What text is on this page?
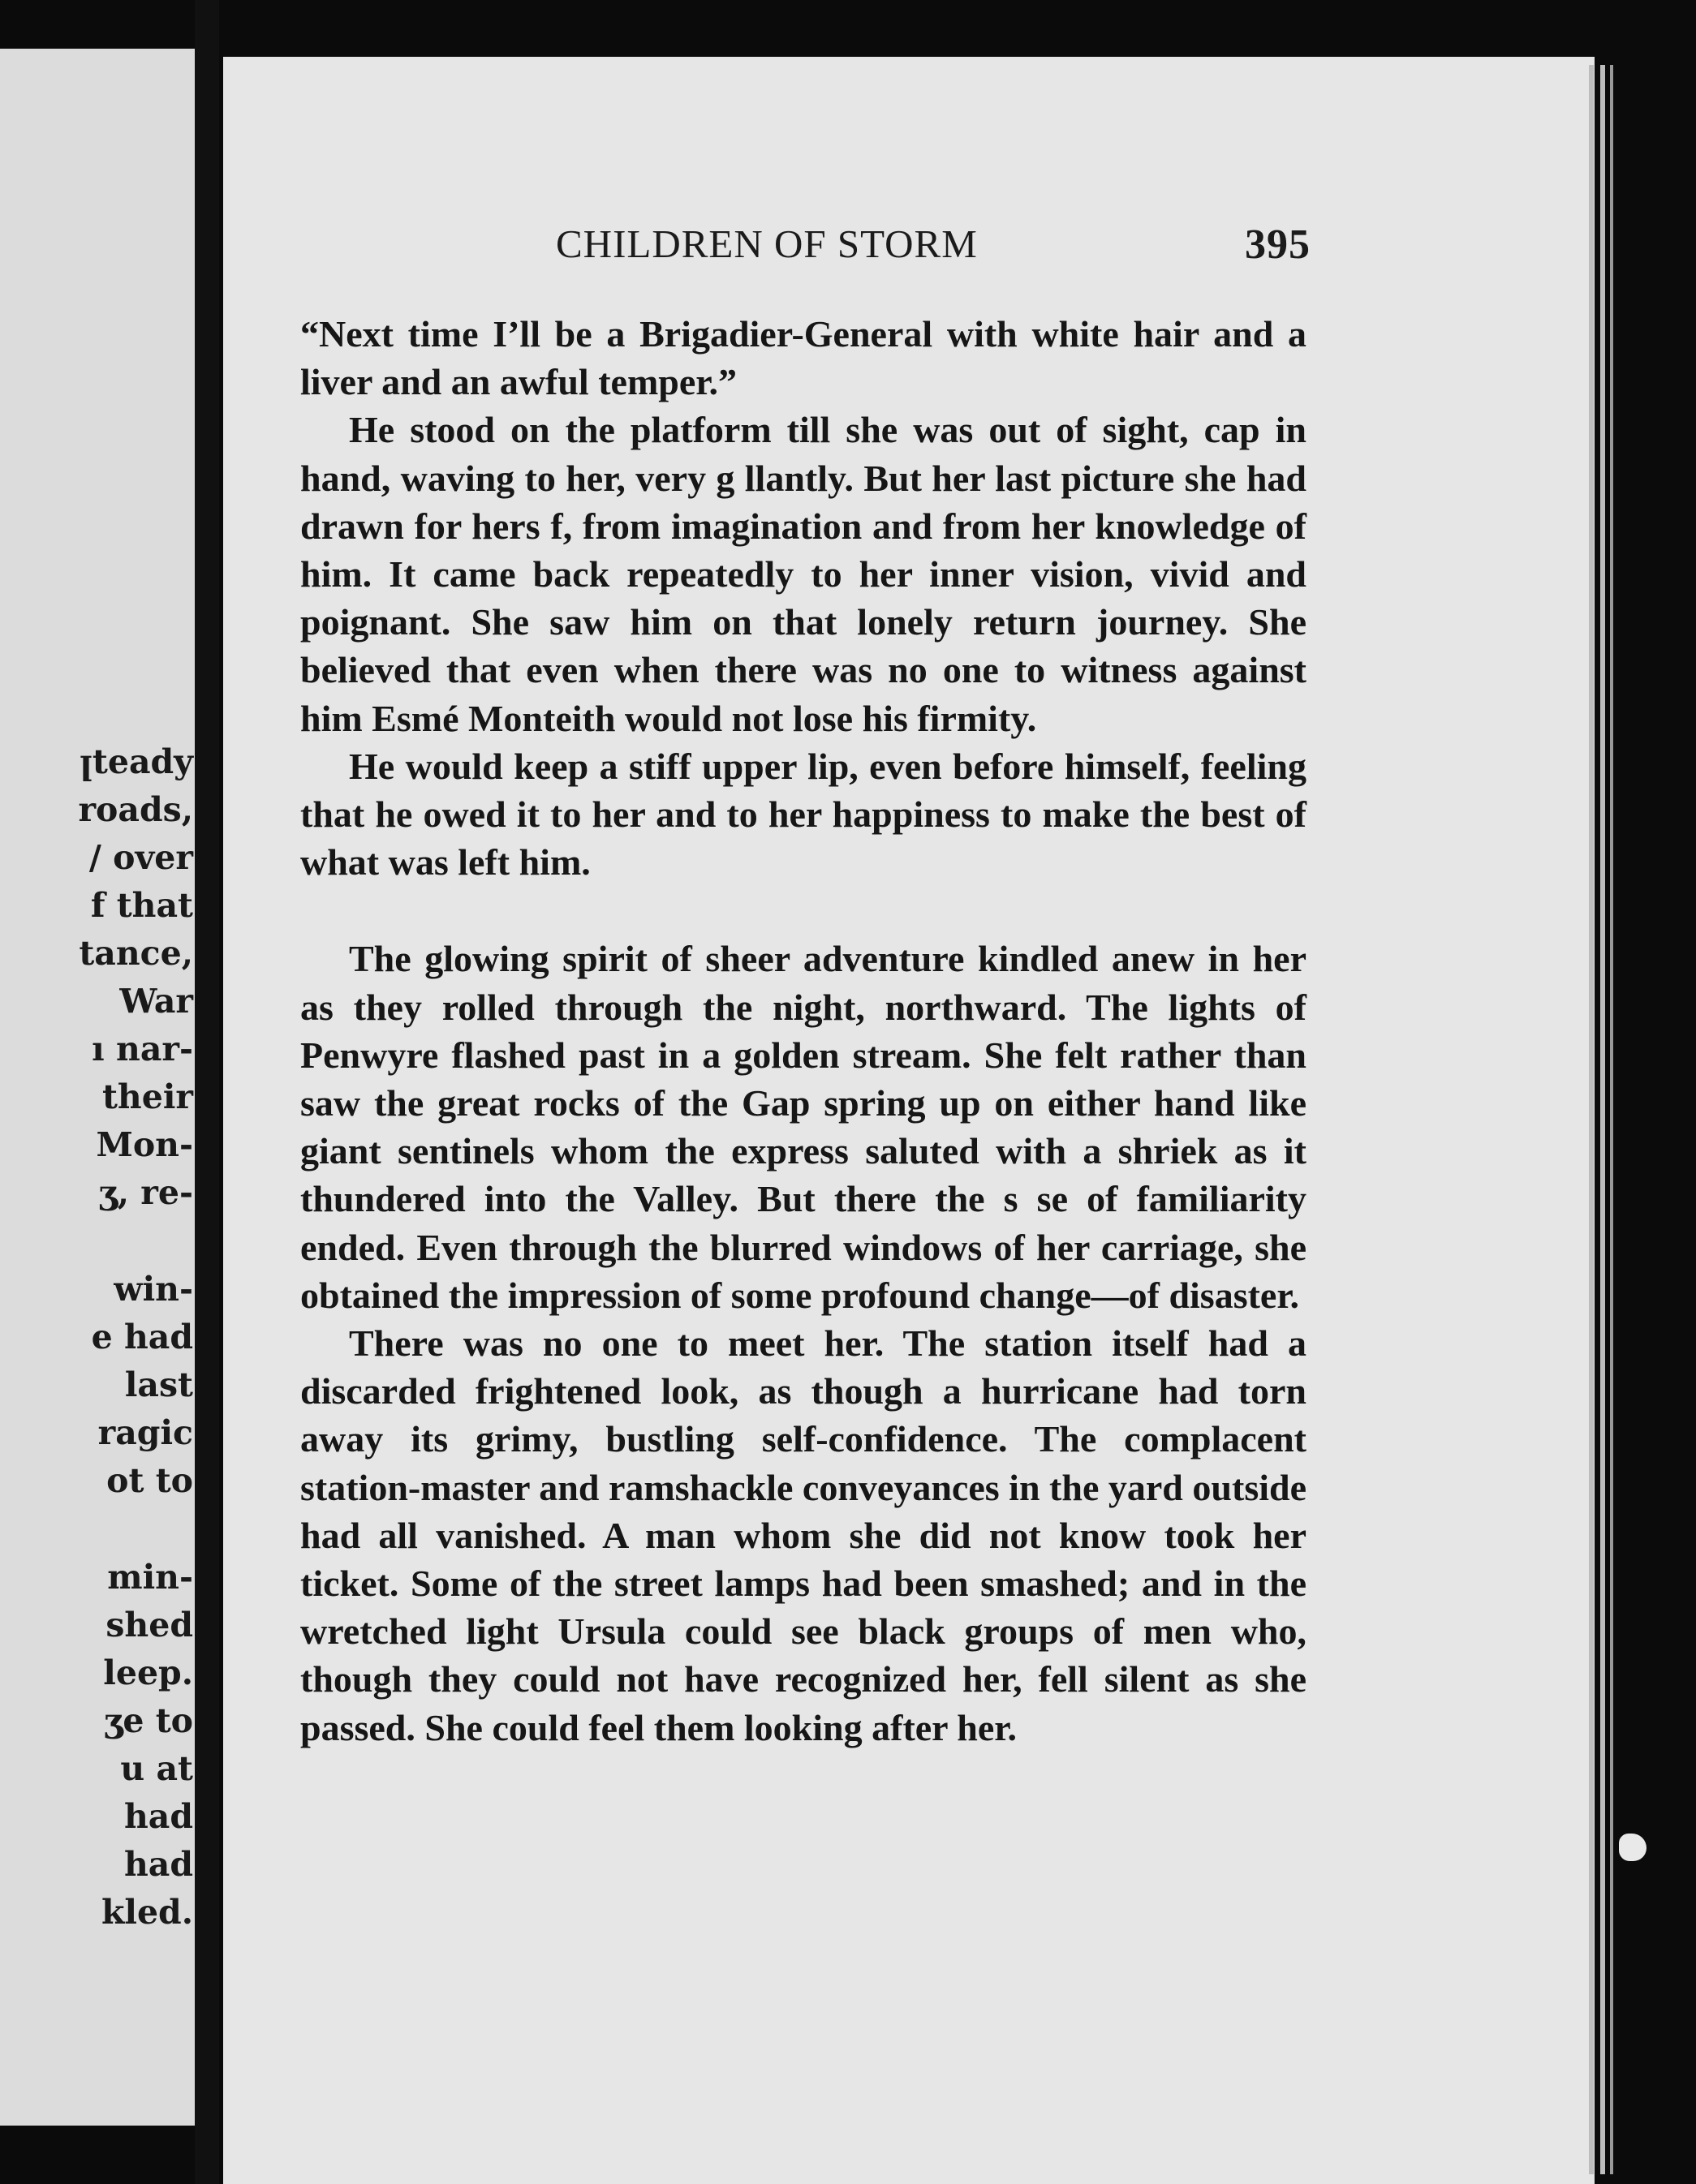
ꞁteady
roads,
/ over
f that
tance,
War
ı nar-
their
Mon-
ʒ, re-
win-
e had
last
ragic
ot to
min-
shed
leep.
ʒe to
u at
had
had
kled.
CHILDREN OF STORM	395

“Next time I’ll be a Brigadier-General with white hair and a liver and an awful temper.”

He stood on the platform till she was out of sight, cap in hand, waving to her, very g llantly. But her last picture she had drawn for hers f, from imagination and from her knowledge of him. It came back repeatedly to her inner vision, vivid and poignant. She saw him on that lonely return journey. She believed that even when there was no one to witness against him Esmé Monteith would not lose his firmity.

He would keep a stiff upper lip, even before himself, feeling that he owed it to her and to her happiness to make the best of what was left him.

The glowing spirit of sheer adventure kindled anew in her as they rolled through the night, northward. The lights of Penwyre flashed past in a golden stream. She felt rather than saw the great rocks of the Gap spring up on either hand like giant sentinels whom the express saluted with a shriek as it thundered into the Valley. But there the s se of familiarity ended. Even through the blurred windows of her carriage, she obtained the impression of some profound change—of disaster.

There was no one to meet her. The station itself had a discarded frightened look, as though a hurricane had torn away its grimy, bustling self-confidence. The complacent station-master and ramshackle conveyances in the yard outside had all vanished. A man whom she did not know took her ticket. Some of the street lamps had been smashed; and in the wretched light Ursula could see black groups of men who, though they could not have recognized her, fell silent as she passed. She could feel them looking after her.
